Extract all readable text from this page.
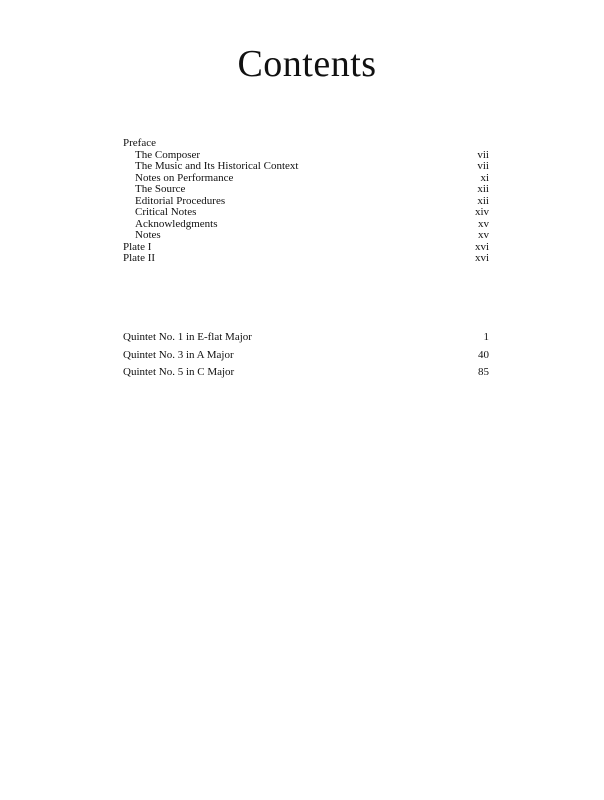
Contents
Preface
The Composer	vii
The Music and Its Historical Context	vii
Notes on Performance	xi
The Source	xii
Editorial Procedures	xii
Critical Notes	xiv
Acknowledgments	xv
Notes	xv
Plate I	xvi
Plate II	xvi
Quintet No. 1 in E-flat Major	1
Quintet No. 3 in A Major	40
Quintet No. 5 in C Major	85
